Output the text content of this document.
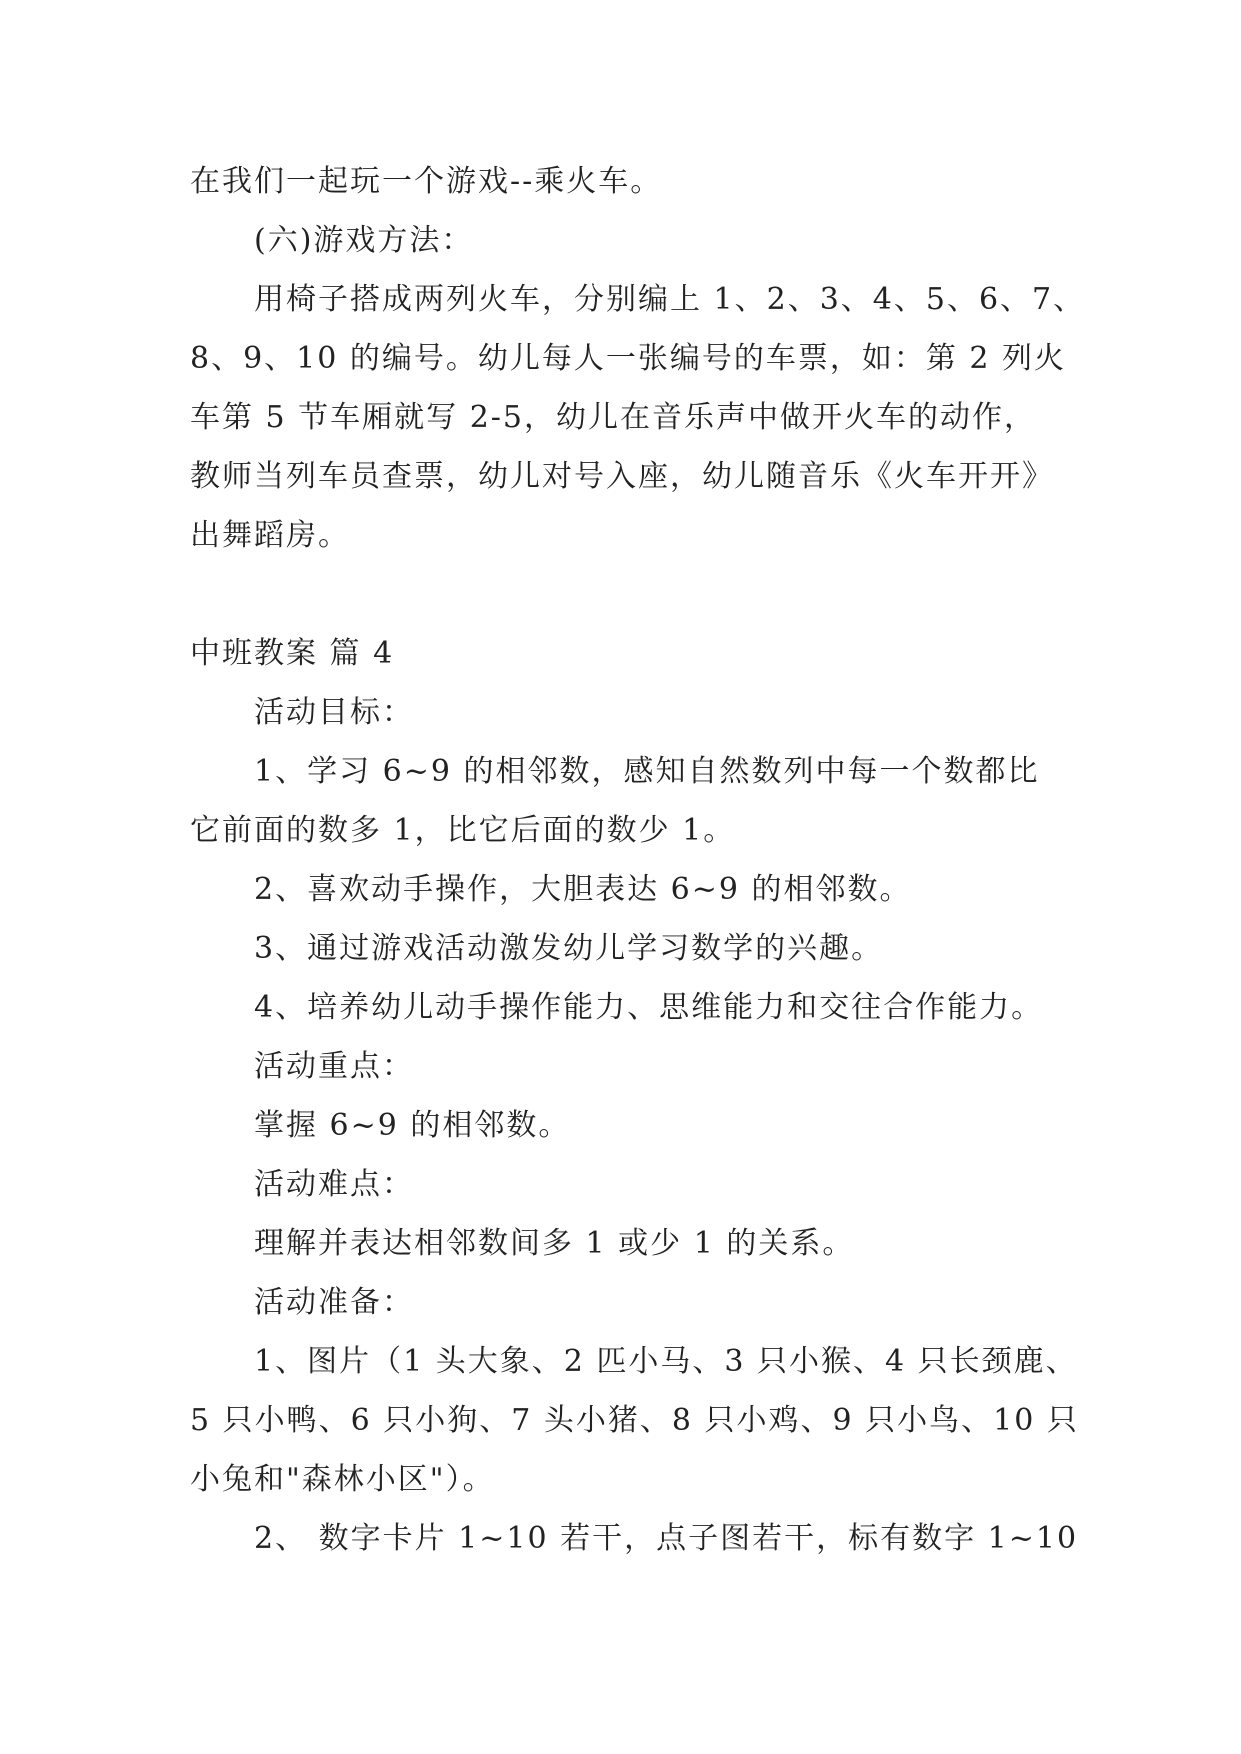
在我们一起玩一个游戏--乘火车。
(六)游戏方法：
用椅子搭成两列火车，分别编上 1、2、3、4、5、6、7、
8、9、10 的编号。幼儿每人一张编号的车票，如：第 2 列火
车第 5 节车厢就写 2-5，幼儿在音乐声中做开火车的动作，
教师当列车员查票，幼儿对号入座，幼儿随音乐《火车开开》
出舞蹈房。
中班教案 篇 4
活动目标：
1、学习 6~9 的相邻数，感知自然数列中每一个数都比
它前面的数多 1，比它后面的数少 1。
2、喜欢动手操作，大胆表达 6~9 的相邻数。
3、通过游戏活动激发幼儿学习数学的兴趣。
4、培养幼儿动手操作能力、思维能力和交往合作能力。
活动重点：
掌握 6~9 的相邻数。
活动难点：
理解并表达相邻数间多 1 或少 1 的关系。
活动准备：
1、图片（1 头大象、2 匹小马、3 只小猴、4 只长颈鹿、
5 只小鸭、6 只小狗、7 头小猪、8 只小鸡、9 只小鸟、10 只
小兔和"森林小区"）。
2、 数字卡片 1~10 若干，点子图若干，标有数字 1~10
